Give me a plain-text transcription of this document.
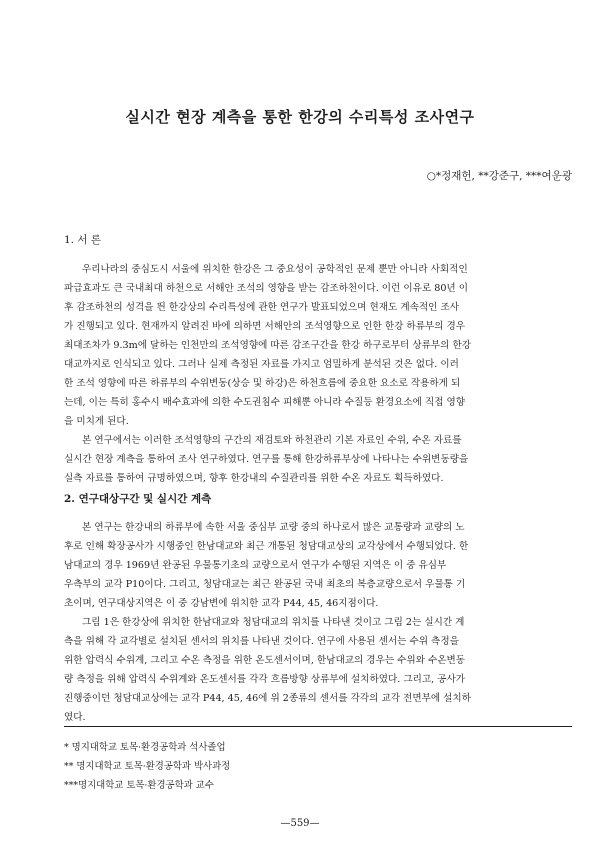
실시간 현장 계측을 통한 한강의 수리특성 조사연구
○*정재헌, **강준구, ***여운광
1. 서 론

우리나라의 중심도시 서울에 위치한 한강은 그 중요성이 공학적인 문제 뿐만 아니라 사회적인
파급효과도 큰 국내최대 하천으로 서해안 조석의 영향을 받는 감조하천이다. 이런 이유로 80년 이
후 감조하천의 성격을 띈 한강상의 수리특성에 관한 연구가 발표되었으며 현재도 계속적인 조사
가 진행되고 있다. 현재까지 알려진 바에 의하면 서해안의 조석영향으로 인한 한강 하류부의 경우
최대조차가 9.3m에 달하는 인천만의 조석영향에 따른 감조구간을 한강 하구로부터 상류부의 한강
대교까지로 인식되고 있다. 그러나 실제 측정된 자료를 가지고 엄밀하게 분석된 것은 없다. 이러
한 조석 영향에 따른 하류부의 수위변동(상승 및 하강)은 하천흐름에 중요한 요소로 작용하게 되
는데, 이는 특히 홍수시 배수효과에 의한 수도권침수 피해뿐 아니라 수질등 환경요소에 직접 영향

을 미치게 된다.

본 연구에서는 이러한 조석영향의 구간의 재검토와 하천관리 기본 자료인 수위, 수온 자료를
실시간 현장 계측을 통하여 조사 연구하였다. 연구를 통해 한강하류부상에 나타나는 수위변동량을
실측 자료를 통하여 규명하였으며, 향후 한강내의 수질관리를 위한 수온 자료도 획득하였다.

2. 연구대상구간 및 실시간 계측

본 연구는 한강내의 하류부에 속한 서울 중심부 교량 중의 하나로서 많은 교통량과 교량의 노
후로 인해 확장공사가 시행중인 한남대교와 최근 개통된 청담대교상의 교각상에서 수행되었다. 한
남대교의 경우 1969년 완공된 우물통기초의 교량으로서 연구가 수행된 지역은 이 중 유심부
우측부의 교각 P10이다. 그리고, 청담대교는 최근 완공된 국내 최초의 복층교량으로서 우물통 기
초이며, 연구대상지역은 이 중 강남변에 위치한 교각 P44, 45, 46지점이다.

그림 1은 한강상에 위치한 한남대교와 청담대교의 위치를 나타낸 것이고 그림 2는 실시간 계
측을 위해 각 교각별로 설치된 센서의 위치를 나타낸 것이다. 연구에 사용된 센서는 수위 측정을
위한 압력식 수위계, 그리고 수온 측정을 위한 온도센서이며, 한남대교의 경우는 수위와 수온변동
량 측정을 위해 압력식 수위계와 온도센서를 각각 흐름방향 상류부에 설치하였다. 그리고, 공사가
진행중이던 청담대교상에는 교각 P44, 45, 46에 위 2종류의 센서를 각각의 교각 전면부에 설치하
였다.

* 명지대학교 토목·환경공학과 석사졸업
** 명지대학교 토목·환경공학과 박사과정
***명지대학교 토목·환경공학과 교수
—559—
